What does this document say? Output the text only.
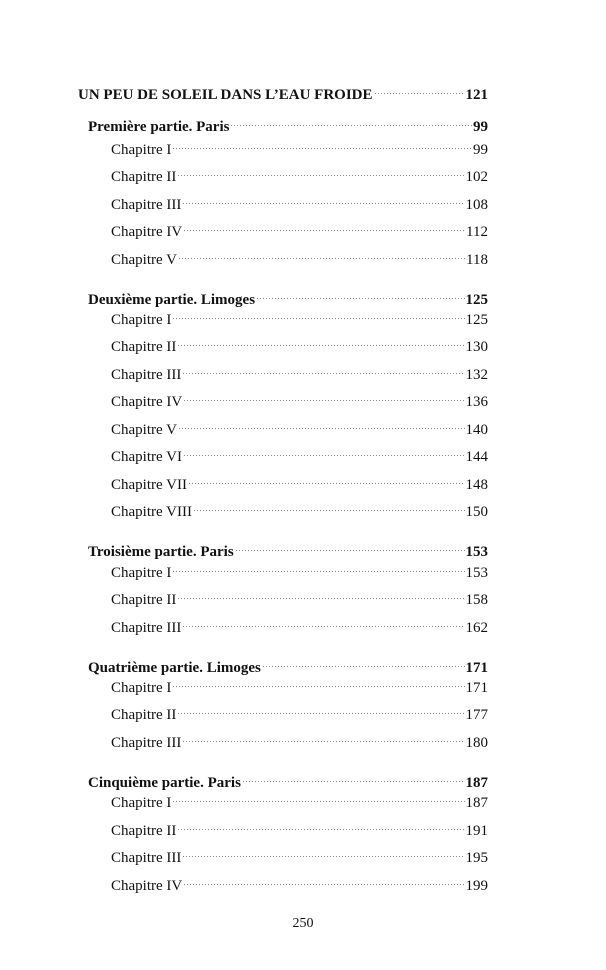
UN PEU DE SOLEIL DANS L’EAU FROIDE	121
Première partie. Paris	99
Chapitre I	99
Chapitre II	102
Chapitre III	108
Chapitre IV	112
Chapitre V	118
Deuxième partie. Limoges	125
Chapitre I	125
Chapitre II	130
Chapitre III	132
Chapitre IV	136
Chapitre V	140
Chapitre VI	144
Chapitre VII	148
Chapitre VIII	150
Troisième partie. Paris	153
Chapitre I	153
Chapitre II	158
Chapitre III	162
Quatrième partie. Limoges	171
Chapitre I	171
Chapitre II	177
Chapitre III	180
Cinquième partie. Paris	187
Chapitre I	187
Chapitre II	191
Chapitre III	195
Chapitre IV	199
250
